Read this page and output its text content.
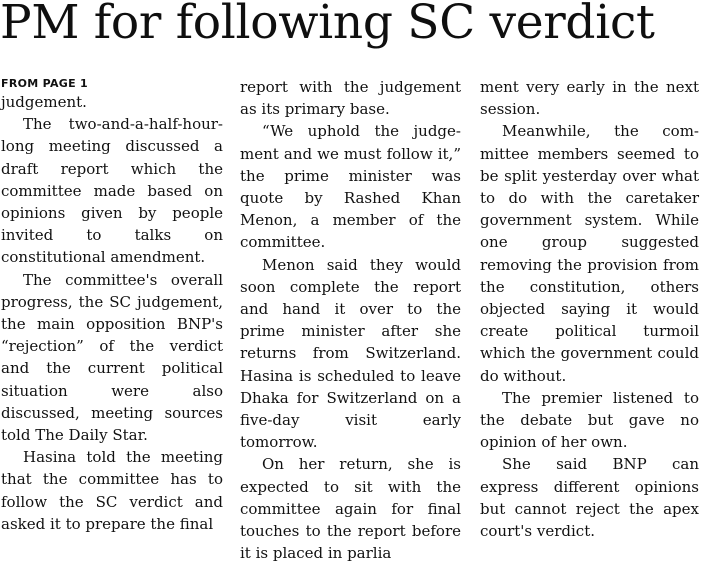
PM for following SC verdict
FROM PAGE 1

judgement.

The two-and-a-half-hour-long meeting discussed a draft report which the committee made based on opinions given by people invited to talks on constitutional amendment.

The committee's overall progress, the SC judgement, the main opposition BNP's “rejection” of the verdict and the current political situation were also discussed, meeting sources told The Daily Star.

Hasina told the meeting that the committee has to follow the SC verdict and asked it to prepare the final

report with the judgement as its primary base.

“We uphold the judgement and we must follow it,” the prime minister was quote by Rashed Khan Menon, a member of the committee.

Menon said they would soon complete the report and hand it over to the prime minister after she returns from Switzerland. Hasina is scheduled to leave Dhaka for Switzerland on a five-day visit early tomorrow.

On her return, she is expected to sit with the committee again for final touches to the report before it is placed in parlia

ment very early in the next session.

Meanwhile, the committee members seemed to be split yesterday over what to do with the caretaker government system. While one group suggested removing the provision from the constitution, others objected saying it would create political turmoil which the government could do without.

The premier listened to the debate but gave no opinion of her own.

She said BNP can express different opinions but cannot reject the apex court's verdict.
